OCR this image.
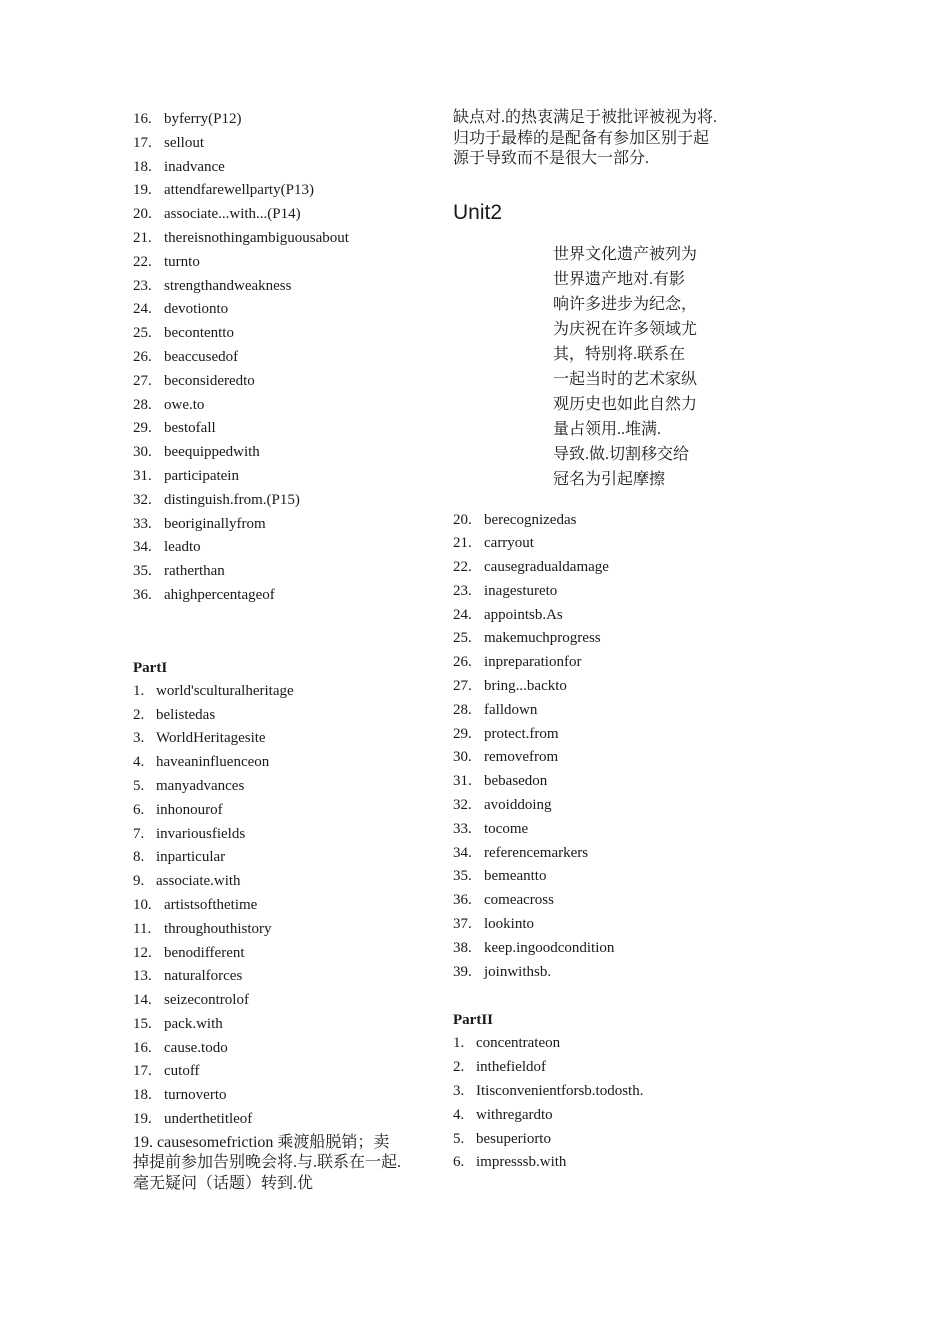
16. byferry(P12)
17. sellout
18. inadvance
19. attendfarewellparty(P13)
20. associate...with...(P14)
21. thereisnothingambiguousabout
22. turnto
23. strengthandweakness
24. devotionto
25. becontentto
26. beaccusedof
27. beconsideredto
28. owe.to
29. bestofall
30. beequippedwith
31. participatein
32. distinguish.from.(P15)
33. beoriginallyfrom
34. leadto
35. ratherthan
36. ahighpercentageof
PartI
1. world'sculturalheritage
2. belistedas
3. WorldHeritagesite
4. haveaninfluenceon
5. manyadvances
6. inhonourof
7. invariousfields
8. inparticular
9. associate.with
10. artistsofthetime
11. throughouthistory
12. benodifferent
13. naturalforces
14. seizecontrolof
15. pack.with
16. cause.todo
17. cutoff
18. turnoverto
19. underthetitleof
19. causesomefriction 乘渡船脱销；卖掉提前参加告别晚会将.与.联系在一起.毫无疑问（话题）转到.优
缺点对.的热衷满足于被批评被视为将.归功于最棒的是配备有参加区别于起源于导致而不是很大一部分.
Unit2
世界文化遗产被列为
世界遗产地对.有影
响许多进步为纪念，
为庆祝在许多领域尤
其，特别将.联系在
一起当时的艺术家纵
观历史也如此自然力
量占领用..堆满.
导致.做.切割移交给
冠名为引起摩擦
20. berecognizedas
21. carryout
22. causegradualdamage
23. inagestureto
24. appointsb.As
25. makemuchprogress
26. inpreparationfor
27. bring...backto
28. falldown
29. protect.from
30. removefrom
31. bebasedon
32. avoiddoing
33. tocome
34. referencemarkers
35. bemeantto
36. comeacross
37. lookinto
38. keep.ingoodcondition
39. joinwithsb.
PartII
1. concentrateon
2. inthefieldof
3. Itisconvenientforsb.todosth.
4. withregardto
5. besuperiorto
6. impresssb.with
